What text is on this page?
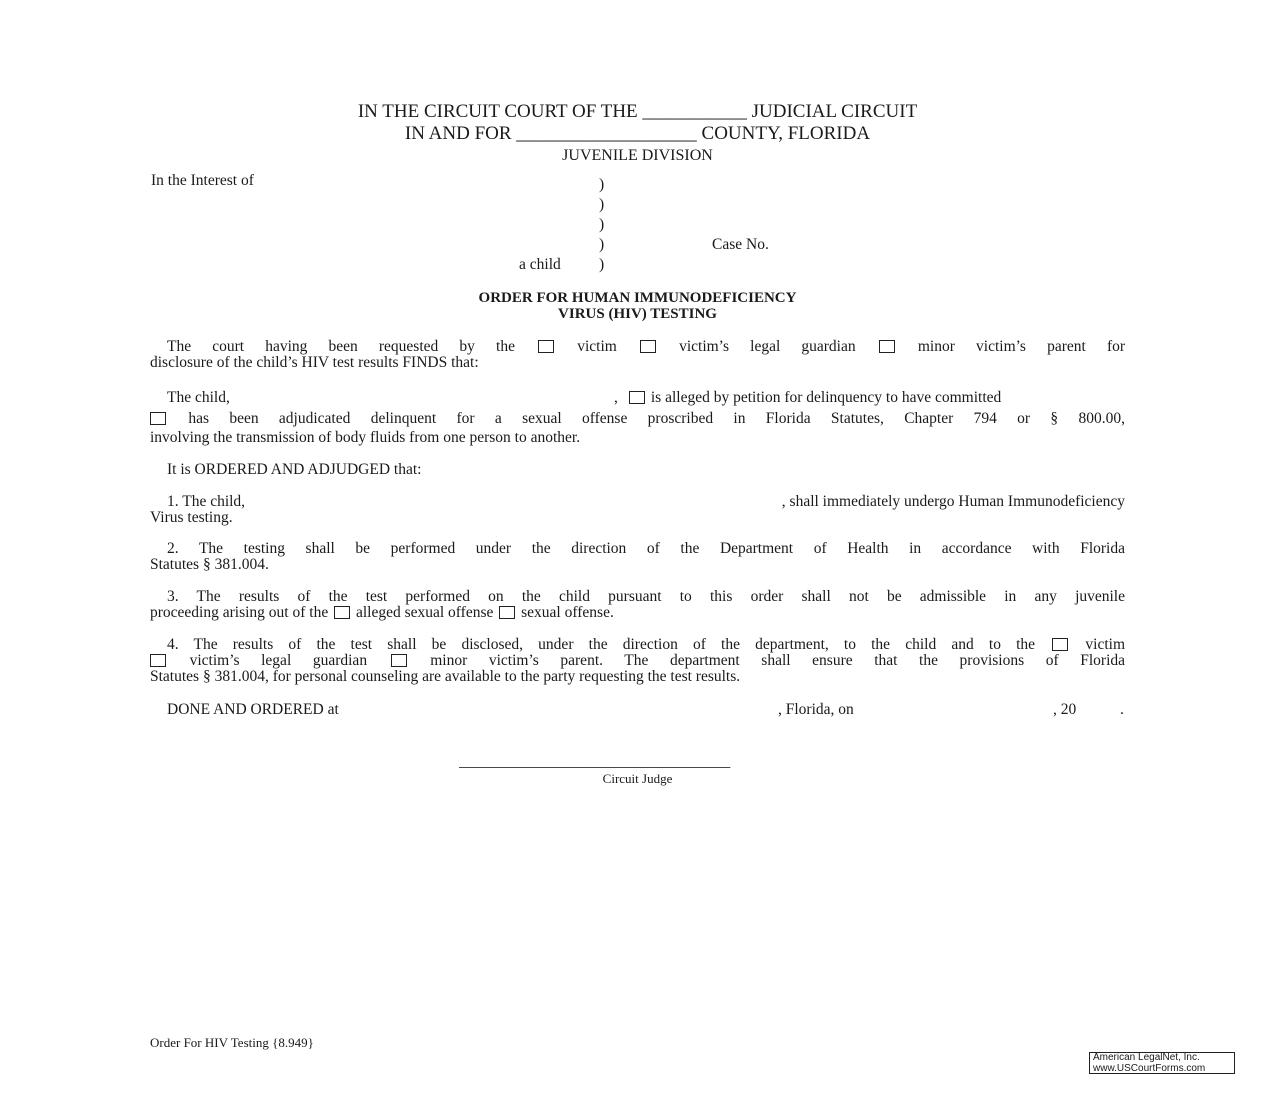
IN THE CIRCUIT COURT OF THE ___________ JUDICIAL CIRCUIT
IN AND FOR ___________________ COUNTY, FLORIDA
JUVENILE DIVISION
In the Interest of	)
)
)
)	Case No.
a child )
ORDER FOR HUMAN IMMUNODEFICIENCY
VIRUS (HIV) TESTING
The court having been requested by the	victim	victim’s legal guardian	minor victim’s parent for
disclosure of the child’s HIV test results FINDS that:
The child,	,	is alleged by petition for delinquency to have committed
has been adjudicated delinquent for a sexual offense proscribed in Florida Statutes, Chapter 794 or § 800.00,
involving the transmission of body fluids from one person to another.
It is ORDERED AND ADJUDGED that:
1. The child,	, shall immediately undergo Human Immunodeficiency
Virus testing.
2. The testing shall be performed under the direction of the Department of Health in accordance with Florida
Statutes § 381.004.
3. The results of the test performed on the child pursuant to this order shall not be admissible in any juvenile
proceeding arising out of the alleged sexual offense sexual offense.
4. The results of the test shall be disclosed, under the direction of the department, to the child and to the	victim
victim’s legal guardian	minor victim’s parent. The department shall ensure that the provisions of Florida
Statutes § 381.004, for personal counseling are available to the party requesting the test results.
DONE AND ORDERED at	, Florida, on	, 20	.
___________________________________
Circuit Judge
Order For HIV Testing {8.949}
American LegalNet, Inc.
www.USCourtForms.com
